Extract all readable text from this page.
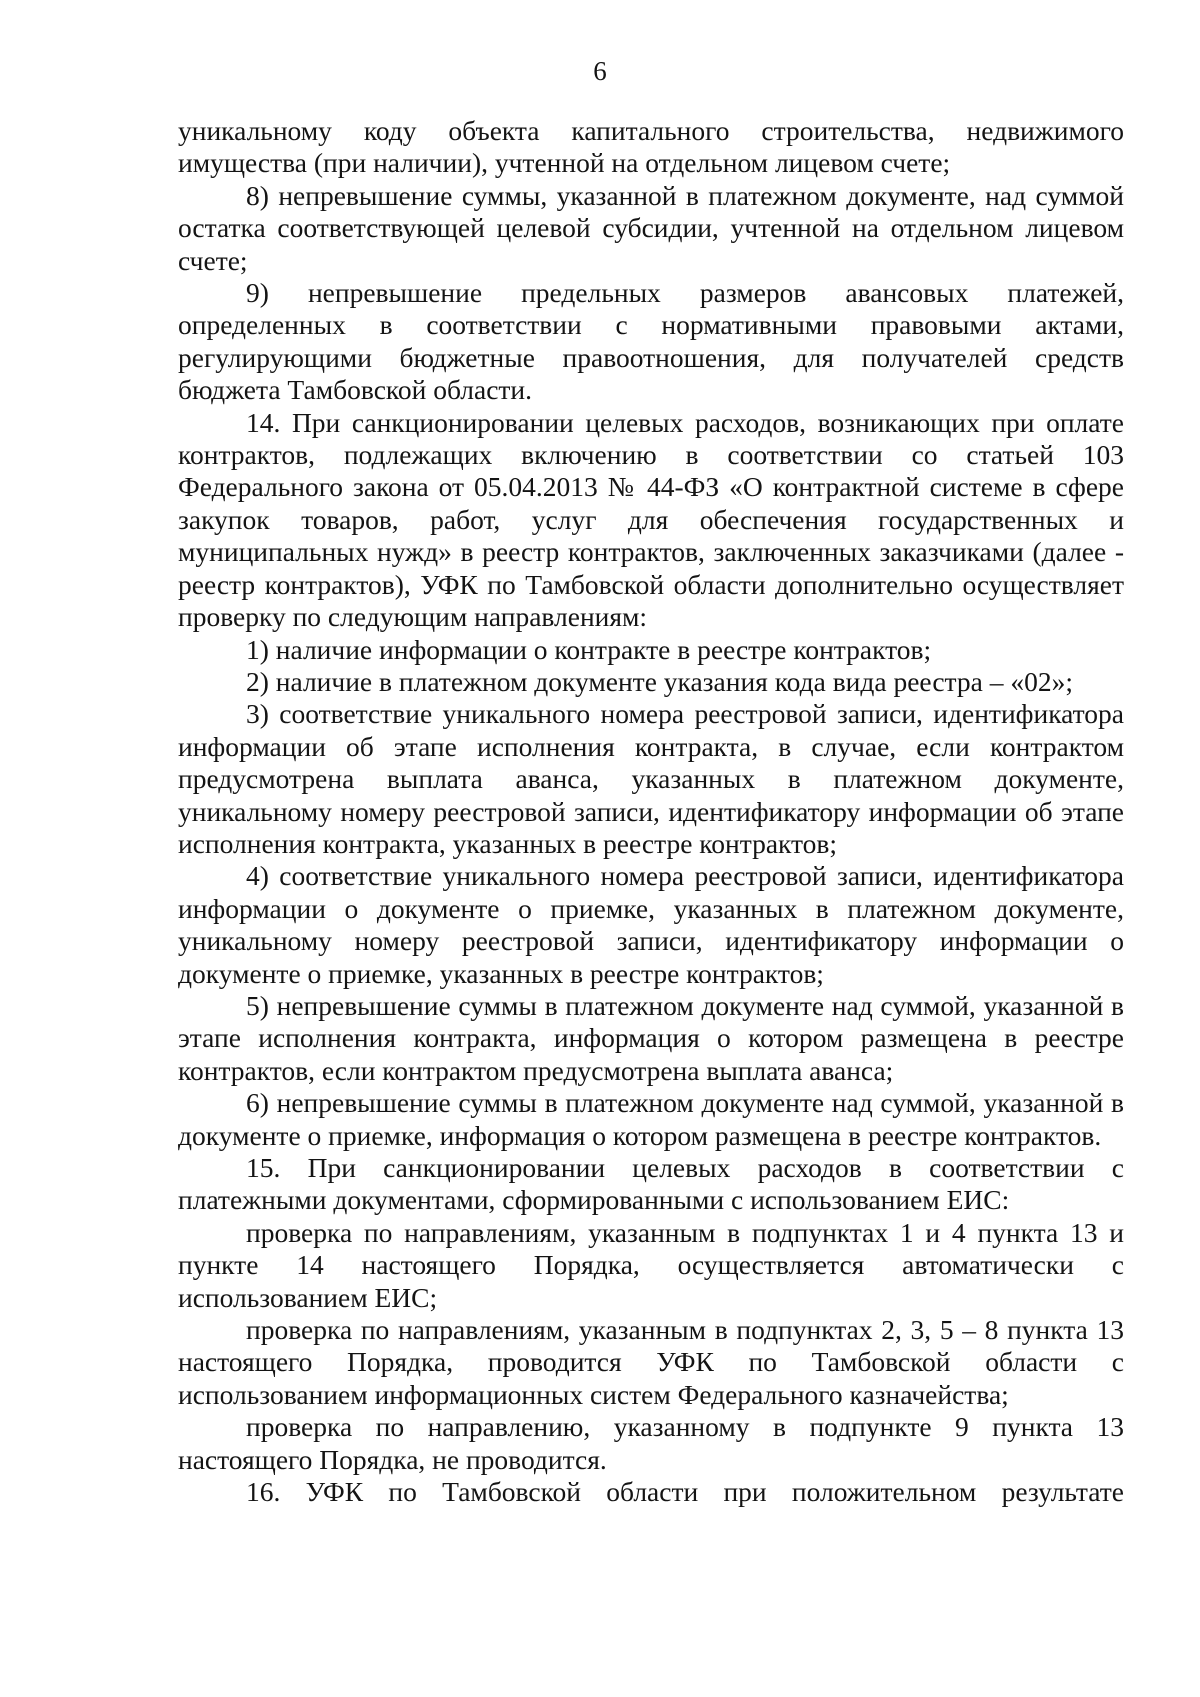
6

уникальному коду объекта капитального строительства, недвижимого имущества (при наличии), учтенной на отдельном лицевом счете;

8) непревышение суммы, указанной в платежном документе, над суммой остатка соответствующей целевой субсидии, учтенной на отдельном лицевом счете;

9) непревышение предельных размеров авансовых платежей, определенных в соответствии с нормативными правовыми актами, регулирующими бюджетные правоотношения, для получателей средств бюджета Тамбовской области.

14. При санкционировании целевых расходов, возникающих при оплате контрактов, подлежащих включению в соответствии со статьей 103 Федерального закона от 05.04.2013 № 44-ФЗ «О контрактной системе в сфере закупок товаров, работ, услуг для обеспечения государственных и муниципальных нужд» в реестр контрактов, заключенных заказчиками (далее - реестр контрактов), УФК по Тамбовской области дополнительно осуществляет проверку по следующим направлениям:

1) наличие информации о контракте в реестре контрактов;

2) наличие в платежном документе указания кода вида реестра – «02»;

3) соответствие уникального номера реестровой записи, идентификатора информации об этапе исполнения контракта, в случае, если контрактом предусмотрена выплата аванса, указанных в платежном документе, уникальному номеру реестровой записи, идентификатору информации об этапе исполнения контракта, указанных в реестре контрактов;

4) соответствие уникального номера реестровой записи, идентификатора информации о документе о приемке, указанных в платежном документе, уникальному номеру реестровой записи, идентификатору информации о документе о приемке, указанных в реестре контрактов;

5) непревышение суммы в платежном документе над суммой, указанной в этапе исполнения контракта, информация о котором размещена в реестре контрактов, если контрактом предусмотрена выплата аванса;

6) непревышение суммы в платежном документе над суммой, указанной в документе о приемке, информация о котором размещена в реестре контрактов.

15. При санкционировании целевых расходов в соответствии с платежными документами, сформированными с использованием ЕИС:

проверка по направлениям, указанным в подпунктах 1 и 4 пункта 13 и пункте 14 настоящего Порядка, осуществляется автоматически с использованием ЕИС;

проверка по направлениям, указанным в подпунктах 2, 3, 5 – 8 пункта 13 настоящего Порядка, проводится УФК по Тамбовской области с использованием информационных систем Федерального казначейства;

проверка по направлению, указанному в подпункте 9 пункта 13 настоящего Порядка, не проводится.

16. УФК по Тамбовской области при положительном результате
